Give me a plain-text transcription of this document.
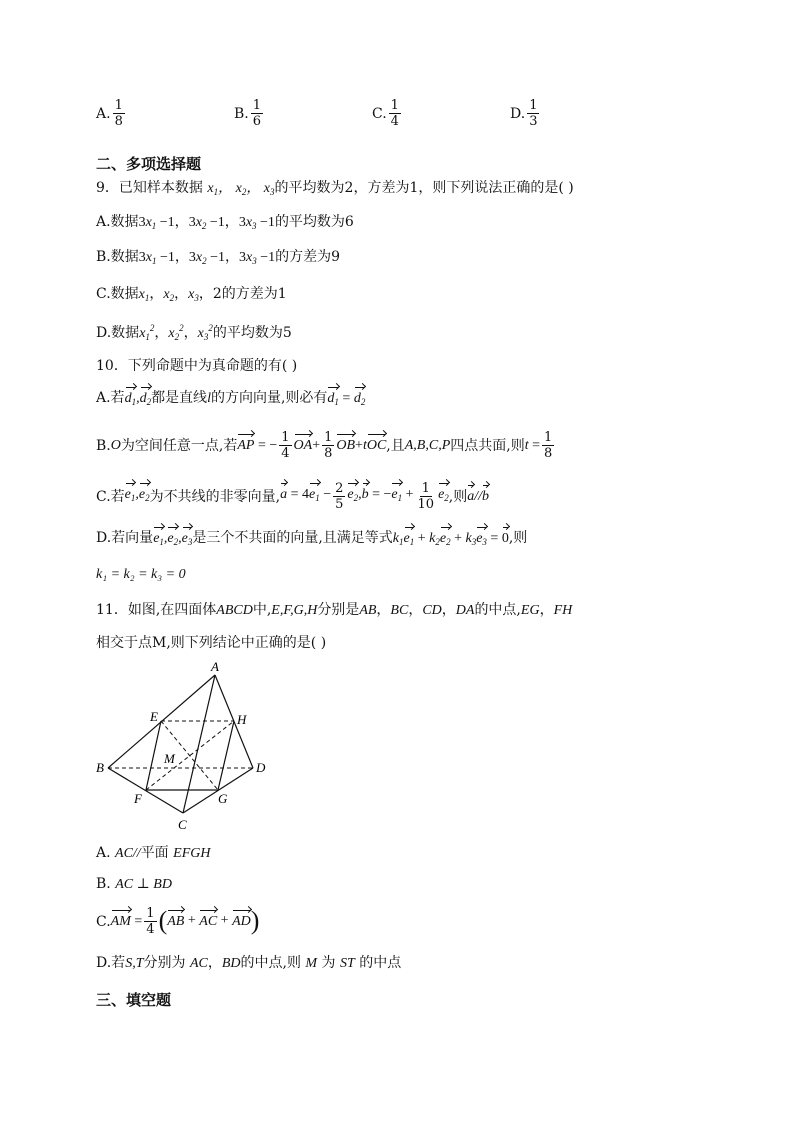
A. $\frac{1}{8}$	B. $\frac{1}{6}$	C. $\frac{1}{4}$	D. $\frac{1}{3}$
二、多项选择题
9．已知样本数据 $x_1$， $x_2$， $x_3$的平均数为2，方差为1，则下列说法正确的是( )
A.数据$3x_1 -1$，$3x_2 -1$，$3x_3 -1$的平均数为6
B.数据$3x_1 -1$，$3x_2 -1$，$3x_3 -1$的方差为9
C.数据$x_1$，$x_2$，$x_3$，2的方差为1
D.数据$x_1^2$，$x_2^2$，$x_3^2$的平均数为5
10．下列命题中为真命题的有( )
A.若$d_1,d_2$都是直线l的方向向量,则必有$d_1 = d_2$
B. O 为空间任意一点,若 AP = − $\frac{1}{4} OA+ \frac{1}{8} OB+tOC$ ,且 A,B,C,P 四点共面,则 $t = \frac{1}{8}$
C.若 $e_1,e_2$ 为不共线的非零向量, $a = 4e_1 - \frac{2}{5} e_2,b = -e_1 + \frac{1}{10} e_2$ ,则 a//b
D.若向量$e_1,e_2,e_3$是三个不共面的向量,且满足等式$k_1e_1 + k_2e_2 + k_3e_3 = 0$,则
k₁ = k₂ = k₃ = 0
11．如图,在四面体ABCD中,E,F,G,H分别是AB，BC，CD，DA的中点,EG，FH
相交于点M,则下列结论中正确的是( )
A
B
C
D
E
F	G
H
M
A. AC//平面 EFGH
B. AC ⊥ BD
C. AM = $\frac{1}{4} (AB$ + AC + AD)
D.若S,T分别为 AC，BD的中点,则 M 为 ST 的中点
三、填空题
